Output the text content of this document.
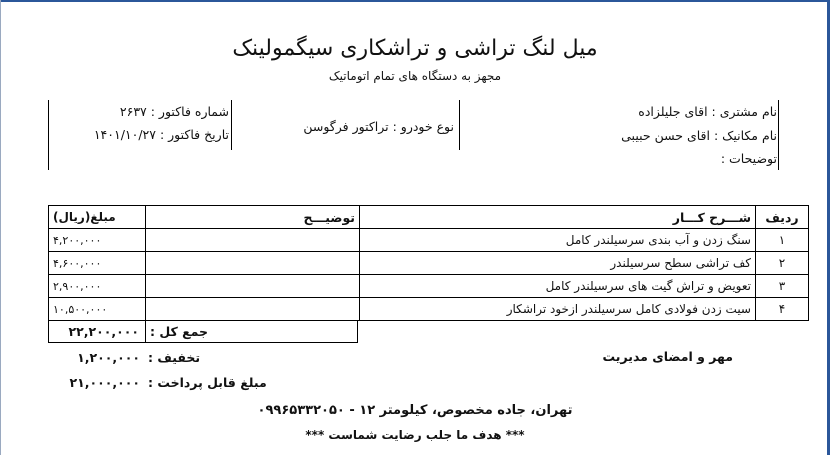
میل لنگ تراشی و تراشکاری سیگمولینک
مجهز به دستگاه های تمام اتوماتیک
نام مشتری : اقای جلیلزاده
نام مکانیک : اقای حسن حبیبی
توضیحات :
نوع خودرو : تراکتور فرگوسن
شماره فاکتور : ۲۶۳۷
تاریخ فاکتور : ۱۴۰۱/۱۰/۲۷
ردیف	شـــرح کـــار	توضیـــح	مبلغ(ریال)
۱	سنگ زدن و آب بندی سرسیلندر کامل		۴,۲۰۰,۰۰۰
۲	کف تراشی سطح سرسیلندر		۴,۶۰۰,۰۰۰
۳	تعویض و تراش گیت های سرسیلندر کامل		۲,۹۰۰,۰۰۰
۴	سیت زدن فولادی کامل سرسیلندر ازخود تراشکار		۱۰,۵۰۰,۰۰۰
جمع کل :
۲۲,۲۰۰,۰۰۰
تخفیف :
۱,۲۰۰,۰۰۰
مبلغ قابل پرداخت :
۲۱,۰۰۰,۰۰۰
مهر و امضای مدیریت
تهران، جاده مخصوص، کیلومتر ۱۲ - ۰۹۹۶۵۳۳۲۰۵۰
*** هدف ما جلب رضایت شماست ***
